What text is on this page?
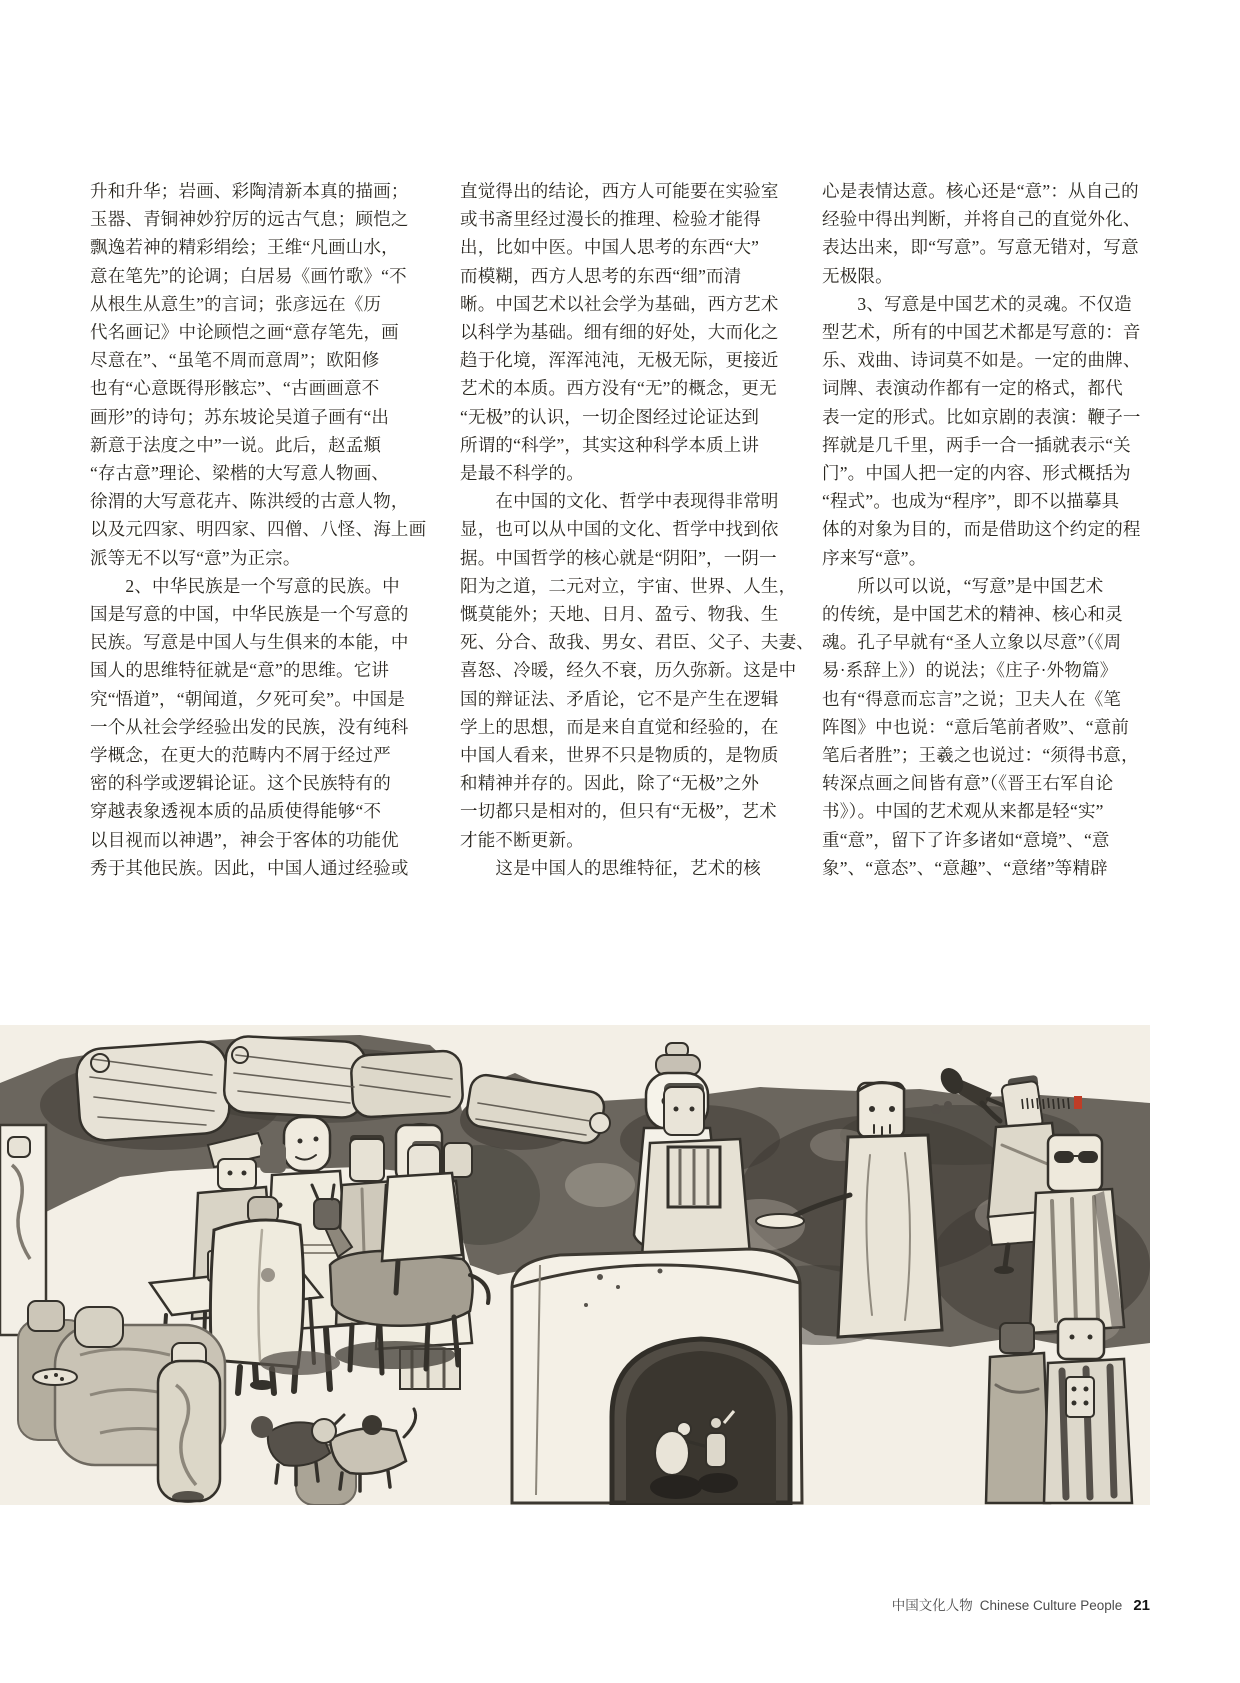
升和升华；岩画、彩陶清新本真的描画；
玉器、青铜神妙狞厉的远古气息；顾恺之
飘逸若神的精彩绢绘；王维“凡画山水，
意在笔先”的论调；白居易《画竹歌》“不
从根生从意生”的言词；张彦远在《历
代名画记》中论顾恺之画“意存笔先，画
尽意在”、“虽笔不周而意周”；欧阳修
也有“心意既得形骸忘”、“古画画意不
画形”的诗句；苏东坡论吴道子画有“出
新意于法度之中”一说。此后，赵孟頫
“存古意”理论、梁楷的大写意人物画、
徐渭的大写意花卉、陈洪绶的古意人物，
以及元四家、明四家、四僧、八怪、海上画
派等无不以写“意”为正宗。
　　2、中华民族是一个写意的民族。中
国是写意的中国，中华民族是一个写意的
民族。写意是中国人与生俱来的本能，中
国人的思维特征就是“意”的思维。它讲
究“悟道”，“朝闻道，夕死可矣”。中国是
一个从社会学经验出发的民族，没有纯科
学概念，在更大的范畴内不屑于经过严
密的科学或逻辑论证。这个民族特有的
穿越表象透视本质的品质使得能够“不
以目视而以神遇”，神会于客体的功能优
秀于其他民族。因此，中国人通过经验或
直觉得出的结论，西方人可能要在实验室
或书斋里经过漫长的推理、检验才能得
出，比如中医。中国人思考的东西“大”
而模糊，西方人思考的东西“细”而清
晰。中国艺术以社会学为基础，西方艺术
以科学为基础。细有细的好处，大而化之
趋于化境，浑浑沌沌，无极无际，更接近
艺术的本质。西方没有“无”的概念，更无
“无极”的认识，一切企图经过论证达到
所谓的“科学”，其实这种科学本质上讲
是最不科学的。
　　在中国的文化、哲学中表现得非常明
显，也可以从中国的文化、哲学中找到依
据。中国哲学的核心就是“阴阳”，一阴一
阳为之道，二元对立，宇宙、世界、人生，
慨莫能外；天地、日月、盈亏、物我、生
死、分合、敌我、男女、君臣、父子、夫妻、
喜怒、冷暖，经久不衰，历久弥新。这是中
国的辩证法、矛盾论，它不是产生在逻辑
学上的思想，而是来自直觉和经验的，在
中国人看来，世界不只是物质的，是物质
和精神并存的。因此，除了“无极”之外
一切都只是相对的，但只有“无极”，艺术
才能不断更新。
　　这是中国人的思维特征，艺术的核
心是表情达意。核心还是“意”：从自己的
经验中得出判断，并将自己的直觉外化、
表达出来，即“写意”。写意无错对，写意
无极限。
　　3、写意是中国艺术的灵魂。不仅造
型艺术，所有的中国艺术都是写意的：音
乐、戏曲、诗词莫不如是。一定的曲牌、
词牌、表演动作都有一定的格式，都代
表一定的形式。比如京剧的表演：鞭子一
挥就是几千里，两手一合一插就表示“关
门”。中国人把一定的内容、形式概括为
“程式”。也成为“程序”，即不以描摹具
体的对象为目的，而是借助这个约定的程
序来写“意”。
　　所以可以说，“写意”是中国艺术
的传统，是中国艺术的精神、核心和灵
魂。孔子早就有“圣人立象以尽意”（《周
易·系辞上》）的说法；《庄子·外物篇》
也有“得意而忘言”之说；卫夫人在《笔
阵图》中也说：“意后笔前者败”、“意前
笔后者胜”；王羲之也说过：“须得书意，
转深点画之间皆有意”（《晋王右军自论
书》）。中国的艺术观从来都是轻“实”
重“意”，留下了许多诸如“意境”、“意
象”、“意态”、“意趣”、“意绪”等精辟
中国文化人物 Chinese Culture People 21
